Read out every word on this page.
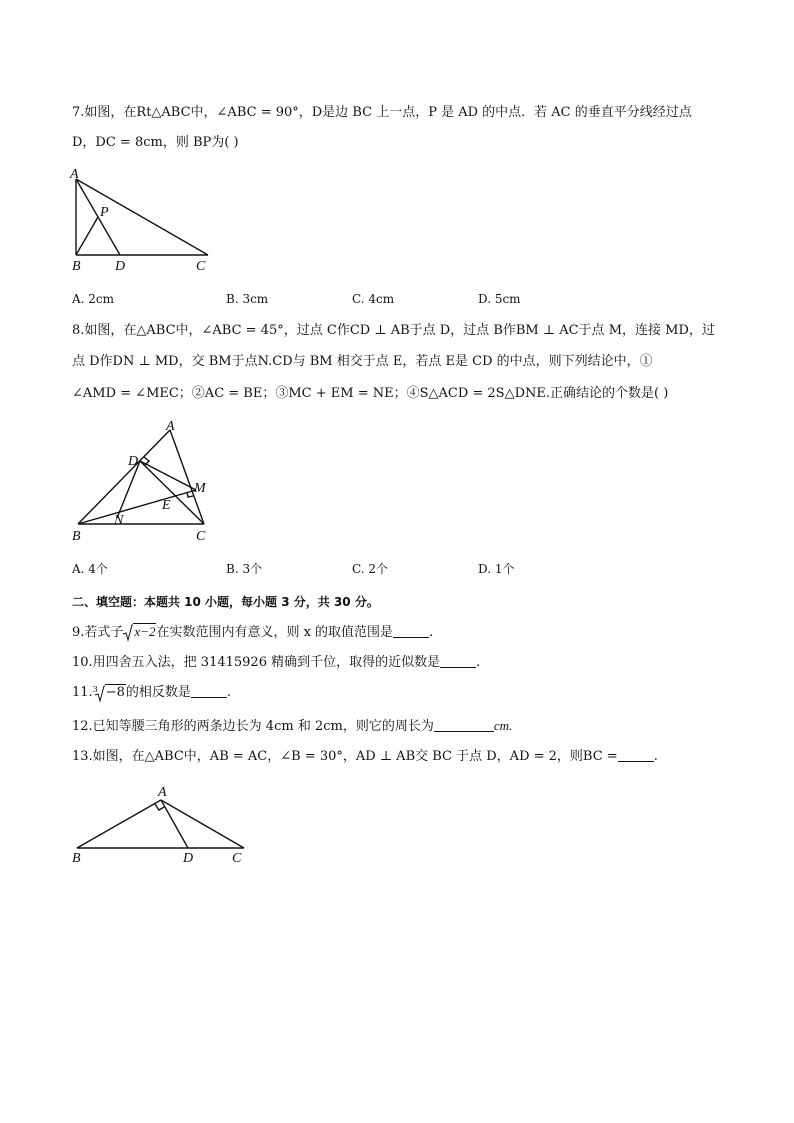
7.如图，在Rt△ABC中，∠ABC = 90°，D是边 BC 上一点，P 是 AD 的中点．若 AC 的垂直平分线经过点
D，DC = 8cm，则 BP为( )
A
P
B D	C
A. 2cm	B. 3cm	C. 4cm	D. 5cm
8.如图，在△ABC中，∠ABC = 45°，过点 C作CD ⊥ AB于点 D，过点 B作BM ⊥ AC于点 M，连接 MD，过
点 D作DN ⊥ MD，交 BM于点N.CD与 BM 相交于点 E，若点 E是 CD 的中点，则下列结论中，①
∠AMD = ∠MEC；②AC = BE；③MC + EM = NE；④S△ACD = 2S△DNE.正确结论的个数是( )
A
D
M
E
N
B	C
A. 4个	B. 3个	C. 2个	D. 1个
二、填空题：本题共 10 小题，每小题 3 分，共 30 分。
9.若式子 x−2在实数范围内有意义，则 x 的取值范围是	.
10.用四舍五入法，把 31415926 精确到千位，取得的近似数是	.
11. 3 −8的相反数是	.
12.已知等腰三角形的两条边长为 4cm 和 2cm，则它的周长为	cm.
13.如图，在△ABC中，AB = AC，∠B = 30°，AD ⊥ AB交 BC 于点 D，AD = 2，则BC =	.
A
B	D	C
